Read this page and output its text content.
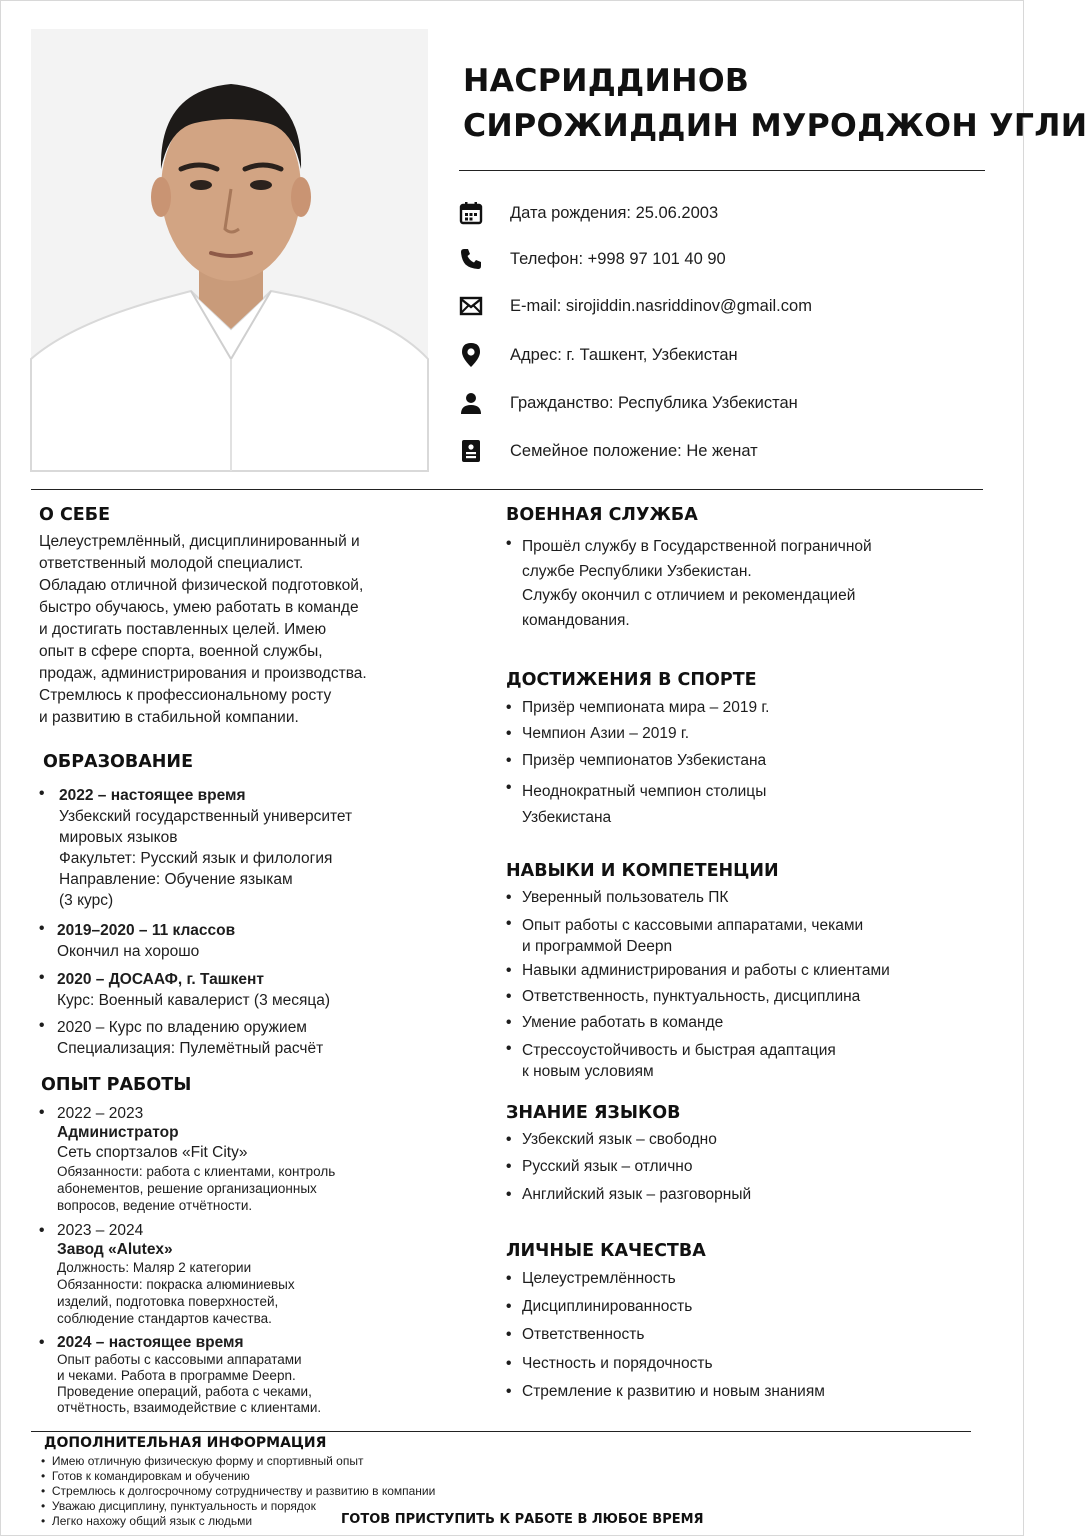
НАСРИДДИНОВ
СИРОЖИДДИН МУРОДЖОН УГЛИ
Дата рождения: 25.06.2003
Телефон: +998 97 101 40 90
E-mail: sirojiddin.nasriddinov@gmail.com
Адрес: г. Ташкент, Узбекистан
Гражданство: Республика Узбекистан
Семейное положение: Не женат
О СЕБЕ
Целеустремлённый, дисциплинированный и
ответственный молодой специалист.
Обладаю отличной физической подготовкой,
быстро обучаюсь, умею работать в команде
и достигать поставленных целей. Имею
опыт в сфере спорта, военной службы,
продаж, администрирования и производства.
Стремлюсь к профессиональному росту
и развитию в стабильной компании.
ОБРАЗОВАНИЕ
• 2022 – настоящее время
Узбекский государственный университет
мировых языков
Факультет: Русский язык и филология
Направление: Обучение языкам
(3 курс)
• 2019–2020 – 11 классов
Окончил на хорошо
• 2020 – ДОСААФ, г. Ташкент
Курс: Военный кавалерист (3 месяца)
• 2020 – Курс по владению оружием
Специализация: Пулемётный расчёт
ОПЫТ РАБОТЫ
• 2022 – 2023
Администратор
Сеть спортзалов «Fit City»
Обязанности: работа с клиентами, контроль
абонементов, решение организационных
вопросов, ведение отчётности.
• 2023 – 2024
Завод «Alutex»
Должность: Маляр 2 категории
Обязанности: покраска алюминиевых
изделий, подготовка поверхностей,
соблюдение стандартов качества.
• 2024 – настоящее время
Опыт работы с кассовыми аппаратами
и чеками. Работа в программе Deepn.
Проведение операций, работа с чеками,
отчётность, взаимодействие с клиентами.
ВОЕННАЯ СЛУЖБА
• Прошёл службу в Государственной пограничной
службе Республики Узбекистан.
Службу окончил с отличием и рекомендацией
командования.
ДОСТИЖЕНИЯ В СПОРТЕ
• Призёр чемпионата мира – 2019 г.
• Чемпион Азии – 2019 г.
• Призёр чемпионатов Узбекистана
• Неоднократный чемпион столицы
Узбекистана
НАВЫКИ И КОМПЕТЕНЦИИ
• Уверенный пользователь ПК
• Опыт работы с кассовыми аппаратами, чеками
и программой Deepn
• Навыки администрирования и работы с клиентами
• Ответственность, пунктуальность, дисциплина
• Умение работать в команде
• Стрессоустойчивость и быстрая адаптация
к новым условиям
ЗНАНИЕ ЯЗЫКОВ
• Узбекский язык – свободно
• Русский язык – отлично
• Английский язык – разговорный
ЛИЧНЫЕ КАЧЕСТВА
• Целеустремлённость
• Дисциплинированность
• Ответственность
• Честность и порядочность
• Стремление к развитию и новым знаниям
ДОПОЛНИТЕЛЬНАЯ ИНФОРМАЦИЯ
•  Имею отличную физическую форму и спортивный опыт
•  Готов к командировкам и обучению
•  Стремлюсь к долгосрочному сотрудничеству и развитию в компании
•  Уважаю дисциплину, пунктуальность и порядок
•  Легко нахожу общий язык с людьми	ГОТОВ ПРИСТУПИТЬ К РАБОТЕ В ЛЮБОЕ ВРЕМЯ
